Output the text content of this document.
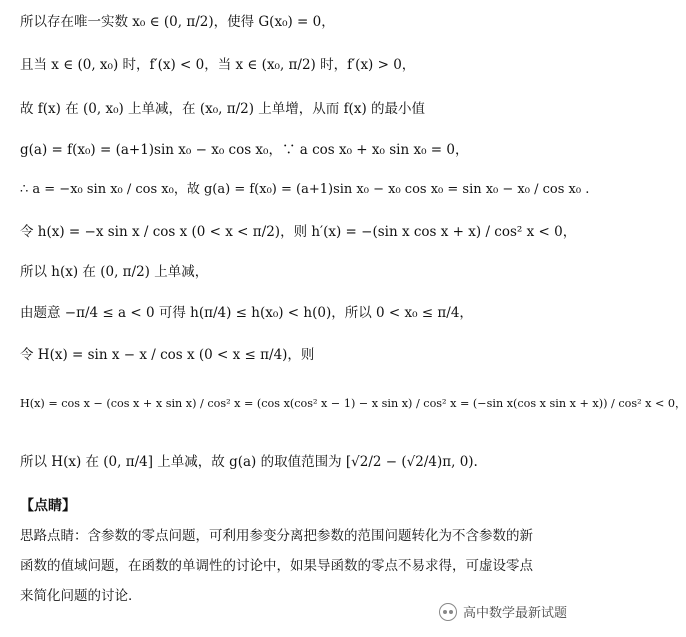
所以存在唯一实数 x₀ ∈ (0, π/2)，使得 G(x₀) = 0，
且当 x ∈ (0, x₀) 时，f′(x) < 0，当 x ∈ (x₀, π/2) 时，f′(x) > 0，
故 f(x) 在 (0, x₀) 上单减，在 (x₀, π/2) 上单增，从而 f(x) 的最小值
g(a) = f(x₀) = (a+1)sin x₀ − x₀ cos x₀，∵ a cos x₀ + x₀ sin x₀ = 0，
∴ a = −x₀ sin x₀ / cos x₀，故 g(a) = f(x₀) = (a+1)sin x₀ − x₀ cos x₀ = sin x₀ − x₀ / cos x₀ .
令 h(x) = −x sin x / cos x (0 < x < π/2)，则 h′(x) = −(sin x cos x + x) / cos² x < 0，
所以 h(x) 在 (0, π/2) 上单减，
由题意 −π/4 ≤ a < 0 可得 h(π/4) ≤ h(x₀) < h(0)，所以 0 < x₀ ≤ π/4，
令 H(x) = sin x − x / cos x (0 < x ≤ π/4)，则
H(x) = cos x − (cos x + x sin x) / cos² x = (cos x(cos² x − 1) − x sin x) / cos² x = (−sin x(cos x sin x + x)) / cos² x < 0，
所以 H(x) 在 (0, π/4] 上单减，故 g(a) 的取值范围为 [√2/2 − (√2/4)π, 0).
【点睛】
思路点睛：含参数的零点问题，可利用参变分离把参数的范围问题转化为不含参数的新
函数的值域问题，在函数的单调性的讨论中，如果导函数的零点不易求得，可虚设零点
来简化问题的讨论.
高中数学最新试题
